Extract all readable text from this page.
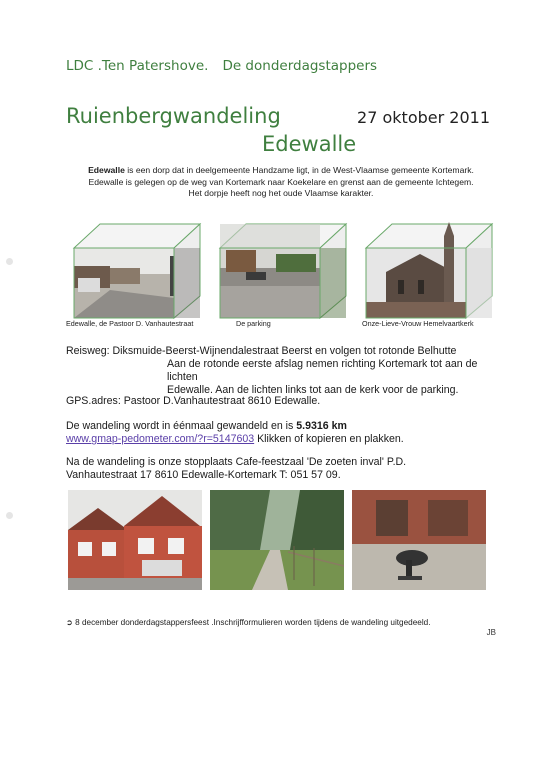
LDC .Ten Patershove. De donderdagstappers
Ruienbergwandeling	27 oktober 2011
Edewalle
Edewalle is een dorp dat in deelgemeente Handzame ligt, in de West-Vlaamse gemeente Kortemark.
Edewalle is gelegen op de weg van Kortemark naar Koekelare en grenst aan de gemeente Ichtegem.
Het dorpje heeft nog het oude Vlaamse karakter.
Edewalle, de Pastoor D. Vanhautestraat	De parking	Onze-Lieve-Vrouw Hemelvaartkerk
Reisweg: Diksmuide-Beerst-Wijnendalestraat Beerst en volgen tot rotonde Belhutte
Aan de rotonde eerste afslag nemen richting Kortemark tot aan de lichten
Edewalle. Aan de lichten links tot aan de kerk voor de parking.
GPS.adres: Pastoor D.Vanhautestraat 8610 Edewalle.
De wandeling wordt in éénmaal gewandeld en is 5.9316 km
www.gmap-pedometer.com/?r=5147603 Klikken of kopieren en plakken.
Na de wandeling is onze stopplaats Cafe-feestzaal 'De zoeten inval' P.D.
Vanhautestraat 17 8610 Edewalle-Kortemark T: 051 57 09.
➲ 8 december donderdagstappersfeest .Inschrijfformulieren worden tijdens de wandeling uitgedeeld.
JB
